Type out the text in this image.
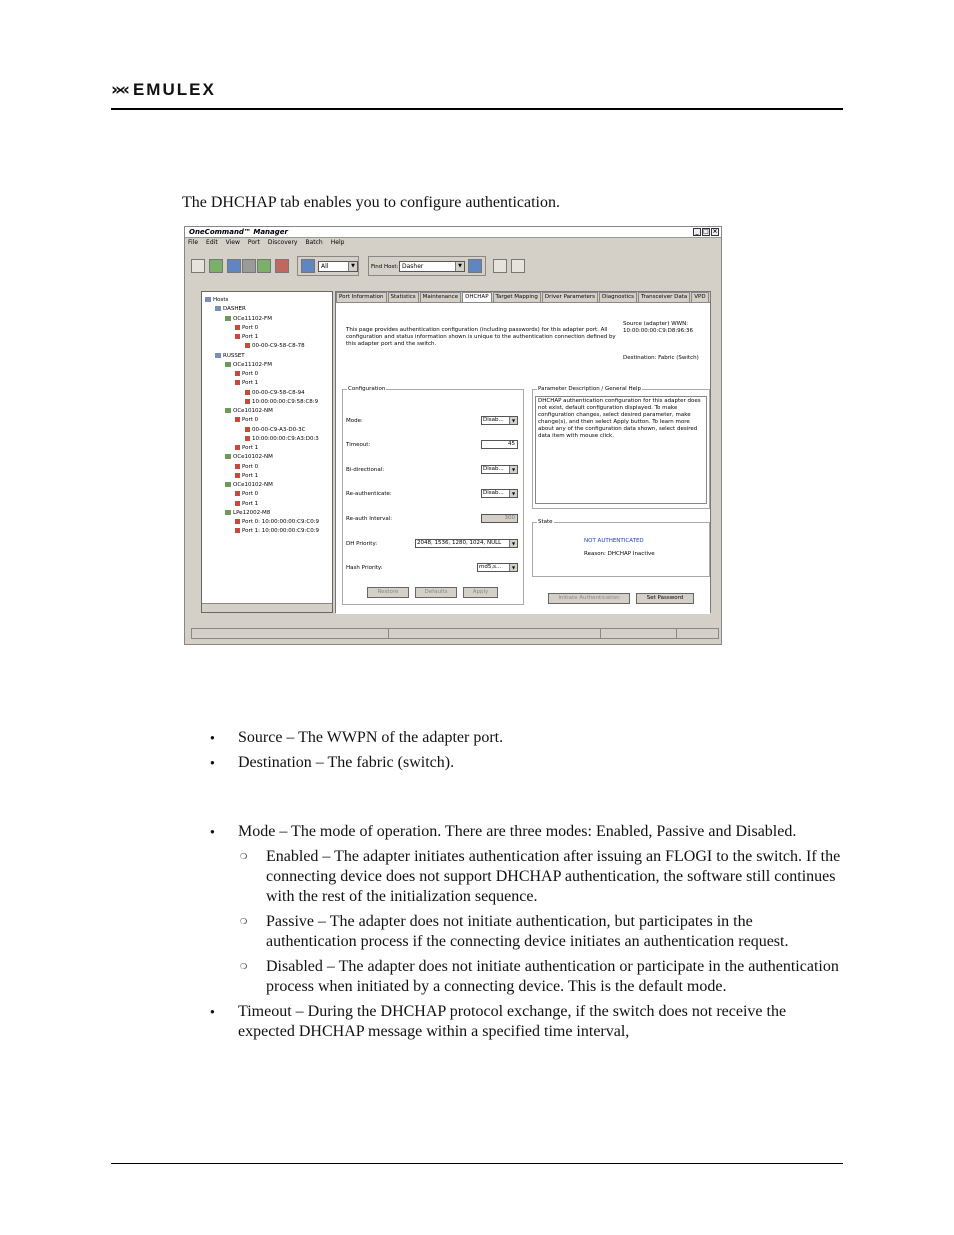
»« EMULEX
The DHCHAP tab enables you to configure authentication.
OneCommand™ Manager	_ □ ×
File Edit View Port Discovery Batch Help
All	▼	Find Host: Dasher	▼
Hosts
DASHER
OCe11102-FM
Port 0
Port 1
00-00-C9-58-C8-78
RUSSET
OCe11102-FM
Port 0
Port 1
00-00-C9-58-C8-94
10:00:00:00:C9:58:C8:9
OCe10102-NM
Port 0
00-00-C9-A3-D0-3C
10:00:00:00:C9:A3:D0:3
Port 1
OCe10102-NM
Port 0
Port 1
OCe10102-NM
Port 0
Port 1
LPe12002-M8
Port 0: 10:00:00:00:C9:C0:9
Port 1: 10:00:00:00:C9:C0:9
Port Information	Statistics	Maintenance	DHCHAP	Target Mapping	Driver Parameters	Diagnostics	Transceiver Data	VPD
This page provides authentication configuration (including passwords) for this adapter port. All configuration and status information shown is unique to the authentication connection defined by this adapter port and the switch.
Source (adapter) WWN:
10:00:00:00:C9:D8:96:36
Destination: Fabric (Switch)
Configuration
Mode:	Disab...	▼
Timeout:	45
Bi-directional:	Disab...	▼
Re-authenticate:	Disab...	▼
Re-auth Interval:	300
DH Priority:	2048, 1536, 1280, 1024, NULL	▼
Hash Priority:	md5,s...	▼
Restore	Defaults	Apply
Parameter Description / General Help
DHCHAP authentication configuration for this adapter does not exist, default configuration displayed. To make configuration changes, select desired parameter, make change(s), and then select Apply button. To learn more about any of the configuration data shown, select desired data item with mouse click.
State
NOT AUTHENTICATED
Reason: DHCHAP Inactive
Initiate Authentication	Set Password
● Source – The WWPN of the adapter port.
● Destination – The fabric (switch).
● Mode – The mode of operation. There are three modes: Enabled, Passive and Disabled.
❍ Enabled – The adapter initiates authentication after issuing an FLOGI to the switch. If the connecting device does not support DHCHAP authentication, the software still continues with the rest of the initialization sequence.
❍ Passive – The adapter does not initiate authentication, but participates in the authentication process if the connecting device initiates an authentication request.
❍ Disabled – The adapter does not initiate authentication or participate in the authentication process when initiated by a connecting device. This is the default mode.
● Timeout – During the DHCHAP protocol exchange, if the switch does not receive the expected DHCHAP message within a specified time interval,
